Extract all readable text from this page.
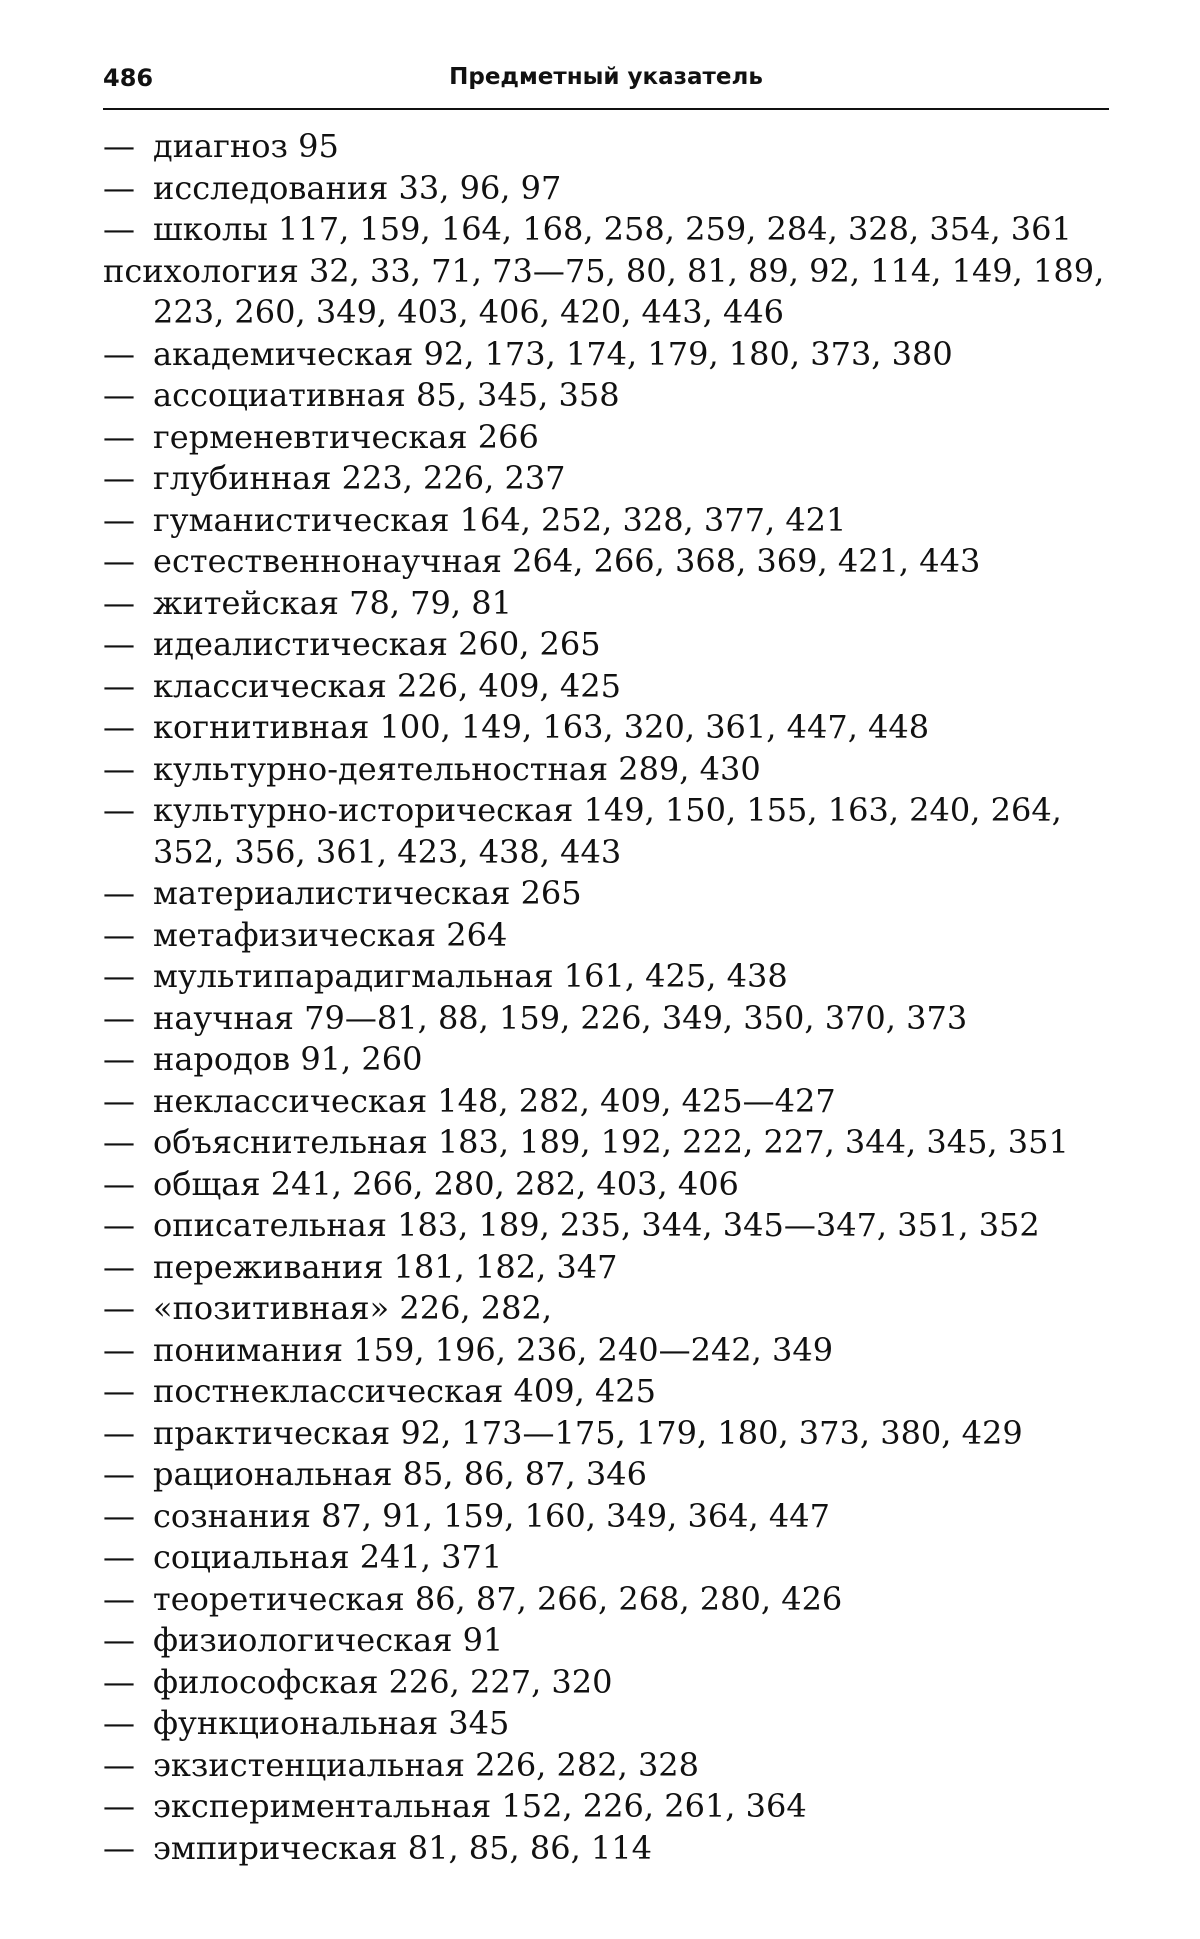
486	Предметный указатель
— диагноз 95
— исследования 33, 96, 97
— школы 117, 159, 164, 168, 258, 259, 284, 328, 354, 361
психология 32, 33, 71, 73—75, 80, 81, 89, 92, 114, 149, 189, 223, 260, 349, 403, 406, 420, 443, 446
— академическая 92, 173, 174, 179, 180, 373, 380
— ассоциативная 85, 345, 358
— герменевтическая 266
— глубинная 223, 226, 237
— гуманистическая 164, 252, 328, 377, 421
— естественнонаучная 264, 266, 368, 369, 421, 443
— житейская 78, 79, 81
— идеалистическая 260, 265
— классическая 226, 409, 425
— когнитивная 100, 149, 163, 320, 361, 447, 448
— культурно-деятельностная 289, 430
— культурно-историческая 149, 150, 155, 163, 240, 264, 352, 356, 361, 423, 438, 443
— материалистическая 265
— метафизическая 264
— мультипарадигмальная 161, 425, 438
— научная 79—81, 88, 159, 226, 349, 350, 370, 373
— народов 91, 260
— неклассическая 148, 282, 409, 425—427
— объяснительная 183, 189, 192, 222, 227, 344, 345, 351
— общая 241, 266, 280, 282, 403, 406
— описательная 183, 189, 235, 344, 345—347, 351, 352
— переживания 181, 182, 347
— «позитивная» 226, 282,
— понимания 159, 196, 236, 240—242, 349
— постнеклассическая 409, 425
— практическая 92, 173—175, 179, 180, 373, 380, 429
— рациональная 85, 86, 87, 346
— сознания 87, 91, 159, 160, 349, 364, 447
— социальная 241, 371
— теоретическая 86, 87, 266, 268, 280, 426
— физиологическая 91
— философская 226, 227, 320
— функциональная 345
— экзистенциальная 226, 282, 328
— экспериментальная 152, 226, 261, 364
— эмпирическая 81, 85, 86, 114
